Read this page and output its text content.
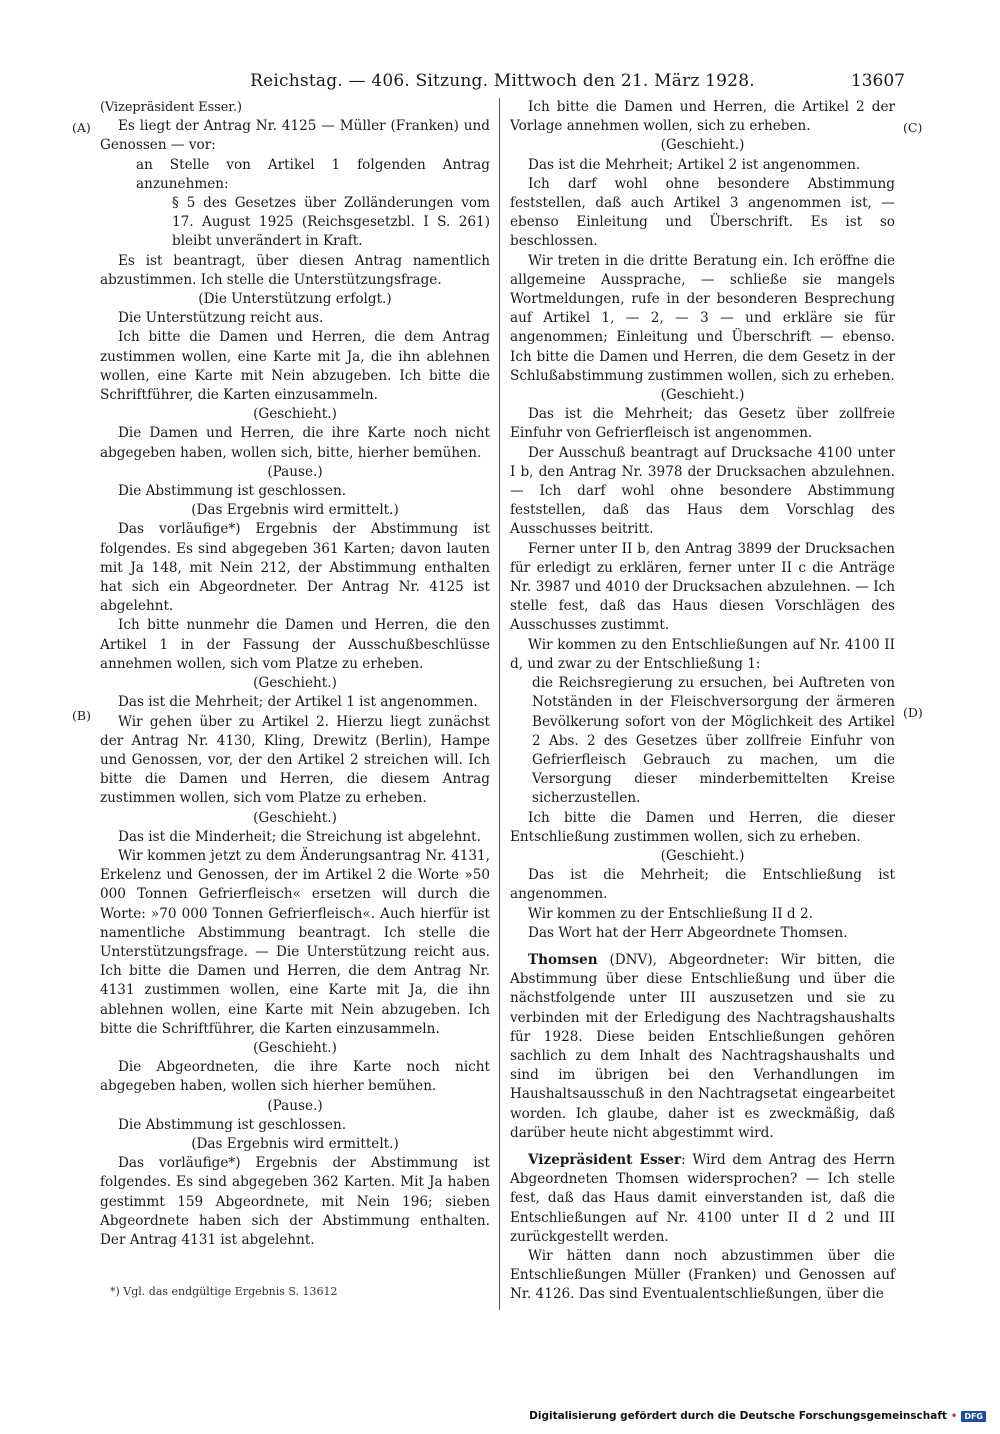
Reichstag. — 406. Sitzung. Mittwoch den 21. März 1928.	13607
(A)
(B)
(C)
(D)

(Vizepräsident Esser.)

Es liegt der Antrag Nr. 4125 — Müller (Franken) und Genossen — vor:

an Stelle von Artikel 1 folgenden Antrag anzunehmen:

§ 5 des Gesetzes über Zolländerungen vom 17. August 1925 (Reichsgesetzbl. I S. 261) bleibt unverändert in Kraft.

Es ist beantragt, über diesen Antrag namentlich abzustimmen. Ich stelle die Unterstützungsfrage.

(Die Unterstützung erfolgt.)

Die Unterstützung reicht aus.

Ich bitte die Damen und Herren, die dem Antrag zustimmen wollen, eine Karte mit Ja, die ihn ablehnen wollen, eine Karte mit Nein abzugeben. Ich bitte die Schriftführer, die Karten einzusammeln.

(Geschieht.)

Die Damen und Herren, die ihre Karte noch nicht abgegeben haben, wollen sich, bitte, hierher bemühen.

(Pause.)

Die Abstimmung ist geschlossen.

(Das Ergebnis wird ermittelt.)

Das vorläufige*) Ergebnis der Abstimmung ist folgendes. Es sind abgegeben 361 Karten; davon lauten mit Ja 148, mit Nein 212, der Abstimmung enthalten hat sich ein Abgeordneter. Der Antrag Nr. 4125 ist abgelehnt.

Ich bitte nunmehr die Damen und Herren, die den Artikel 1 in der Fassung der Ausschußbeschlüsse annehmen wollen, sich vom Platze zu erheben.

(Geschieht.)

Das ist die Mehrheit; der Artikel 1 ist angenommen.

Wir gehen über zu Artikel 2. Hierzu liegt zunächst der Antrag Nr. 4130, Kling, Drewitz (Berlin), Hampe und Genossen, vor, der den Artikel 2 streichen will. Ich bitte die Damen und Herren, die diesem Antrag zustimmen wollen, sich vom Platze zu erheben.

(Geschieht.)

Das ist die Minderheit; die Streichung ist abgelehnt.

Wir kommen jetzt zu dem Änderungsantrag Nr. 4131, Erkelenz und Genossen, der im Artikel 2 die Worte »50 000 Tonnen Gefrierfleisch« ersetzen will durch die Worte: »70 000 Tonnen Gefrierfleisch«. Auch hierfür ist namentliche Abstimmung beantragt. Ich stelle die Unterstützungsfrage. — Die Unterstützung reicht aus. Ich bitte die Damen und Herren, die dem Antrag Nr. 4131 zustimmen wollen, eine Karte mit Ja, die ihn ablehnen wollen, eine Karte mit Nein abzugeben. Ich bitte die Schriftführer, die Karten einzusammeln.

(Geschieht.)

Die Abgeordneten, die ihre Karte noch nicht abgegeben haben, wollen sich hierher bemühen.

(Pause.)

Die Abstimmung ist geschlossen.

(Das Ergebnis wird ermittelt.)

Das vorläufige*) Ergebnis der Abstimmung ist folgendes. Es sind abgegeben 362 Karten. Mit Ja haben gestimmt 159 Abgeordnete, mit Nein 196; sieben Abgeordnete haben sich der Abstimmung enthalten. Der Antrag 4131 ist abgelehnt.

*) Vgl. das endgültige Ergebnis S. 13612

Ich bitte die Damen und Herren, die Artikel 2 der Vorlage annehmen wollen, sich zu erheben.

(Geschieht.)

Das ist die Mehrheit; Artikel 2 ist angenommen.

Ich darf wohl ohne besondere Abstimmung feststellen, daß auch Artikel 3 angenommen ist, — ebenso Einleitung und Überschrift. Es ist so beschlossen.

Wir treten in die dritte Beratung ein. Ich eröffne die allgemeine Aussprache, — schließe sie mangels Wortmeldungen, rufe in der besonderen Besprechung auf Artikel 1, — 2, — 3 — und erkläre sie für angenommen; Einleitung und Überschrift — ebenso. Ich bitte die Damen und Herren, die dem Gesetz in der Schlußabstimmung zustimmen wollen, sich zu erheben.

(Geschieht.)

Das ist die Mehrheit; das Gesetz über zollfreie Einfuhr von Gefrierfleisch ist angenommen.

Der Ausschuß beantragt auf Drucksache 4100 unter I b, den Antrag Nr. 3978 der Drucksachen abzulehnen. — Ich darf wohl ohne besondere Abstimmung feststellen, daß das Haus dem Vorschlag des Ausschusses beitritt.

Ferner unter II b, den Antrag 3899 der Drucksachen für erledigt zu erklären, ferner unter II c die Anträge Nr. 3987 und 4010 der Drucksachen abzulehnen. — Ich stelle fest, daß das Haus diesen Vorschlägen des Ausschusses zustimmt.

Wir kommen zu den Entschließungen auf Nr. 4100 II d, und zwar zu der Entschließung 1:

die Reichsregierung zu ersuchen, bei Auftreten von Notständen in der Fleischversorgung der ärmeren Bevölkerung sofort von der Möglichkeit des Artikel 2 Abs. 2 des Gesetzes über zollfreie Einfuhr von Gefrierfleisch Gebrauch zu machen, um die Versorgung dieser minderbemittelten Kreise sicherzustellen.

Ich bitte die Damen und Herren, die dieser Entschließung zustimmen wollen, sich zu erheben.

(Geschieht.)

Das ist die Mehrheit; die Entschließung ist angenommen.

Wir kommen zu der Entschließung II d 2.

Das Wort hat der Herr Abgeordnete Thomsen.

Thomsen (DNV), Abgeordneter: Wir bitten, die Abstimmung über diese Entschließung und über die nächstfolgende unter III auszusetzen und sie zu verbinden mit der Erledigung des Nachtragshaushalts für 1928. Diese beiden Entschließungen gehören sachlich zu dem Inhalt des Nachtragshaushalts und sind im übrigen bei den Verhandlungen im Haushaltsausschuß in den Nachtragsetat eingearbeitet worden. Ich glaube, daher ist es zweckmäßig, daß darüber heute nicht abgestimmt wird.

Vizepräsident Esser: Wird dem Antrag des Herrn Abgeordneten Thomsen widersprochen? — Ich stelle fest, daß das Haus damit einverstanden ist, daß die Entschließungen auf Nr. 4100 unter II d 2 und III zurückgestellt werden.

Wir hätten dann noch abzustimmen über die Entschließungen Müller (Franken) und Genossen auf Nr. 4126. Das sind Eventualentschließungen, über die

Digitalisierung gefördert durch die Deutsche Forschungsgemeinschaft • DFG
